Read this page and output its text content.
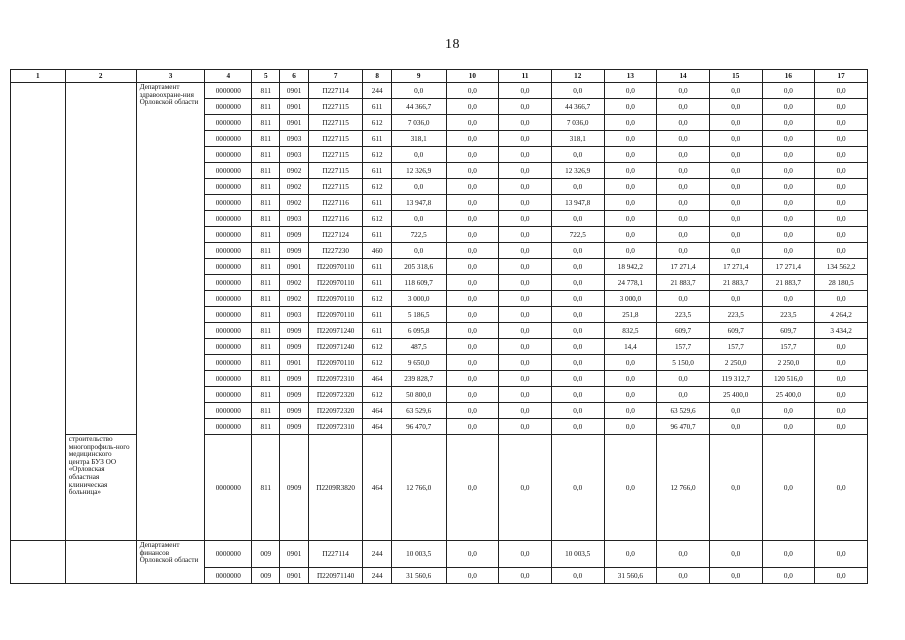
18
1	2	3	4	5	6	7	8	9	10	11	12	13	14	15	16	17
		Департамент здравоохране-ния Орловской области	0000000	811	0901	П227114	244	0,0	0,0	0,0	0,0	0,0	0,0	0,0	0,0	0,0
			0000000	811	0901	П227115	611	44 366,7	0,0	0,0	44 366,7	0,0	0,0	0,0	0,0	0,0
			0000000	811	0901	П227115	612	7 036,0	0,0	0,0	7 036,0	0,0	0,0	0,0	0,0	0,0
			0000000	811	0903	П227115	611	318,1	0,0	0,0	318,1	0,0	0,0	0,0	0,0	0,0
			0000000	811	0903	П227115	612	0,0	0,0	0,0	0,0	0,0	0,0	0,0	0,0	0,0
			0000000	811	0902	П227115	611	12 326,9	0,0	0,0	12 326,9	0,0	0,0	0,0	0,0	0,0
			0000000	811	0902	П227115	612	0,0	0,0	0,0	0,0	0,0	0,0	0,0	0,0	0,0
			0000000	811	0902	П227116	611	13 947,8	0,0	0,0	13 947,8	0,0	0,0	0,0	0,0	0,0
			0000000	811	0903	П227116	612	0,0	0,0	0,0	0,0	0,0	0,0	0,0	0,0	0,0
			0000000	811	0909	П227124	611	722,5	0,0	0,0	722,5	0,0	0,0	0,0	0,0	0,0
			0000000	811	0909	П227230	460	0,0	0,0	0,0	0,0	0,0	0,0	0,0	0,0	0,0
			0000000	811	0901	П220970110	611	205 318,6	0,0	0,0	0,0	18 942,2	17 271,4	17 271,4	17 271,4	134 562,2
			0000000	811	0902	П220970110	611	118 609,7	0,0	0,0	0,0	24 778,1	21 883,7	21 883,7	21 883,7	28 180,5
			0000000	811	0902	П220970110	612	3 000,0	0,0	0,0	0,0	3 000,0	0,0	0,0	0,0	0,0
			0000000	811	0903	П220970110	611	5 186,5	0,0	0,0	0,0	251,8	223,5	223,5	223,5	4 264,2
			0000000	811	0909	П220971240	611	6 095,8	0,0	0,0	0,0	832,5	609,7	609,7	609,7	3 434,2
			0000000	811	0909	П220971240	612	487,5	0,0	0,0	0,0	14,4	157,7	157,7	157,7	0,0
			0000000	811	0901	П220970110	612	9 650,0	0,0	0,0	0,0	0,0	5 150,0	2 250,0	2 250,0	0,0
			0000000	811	0909	П220972310	464	239 828,7	0,0	0,0	0,0	0,0	0,0	119 312,7	120 516,0	0,0
			0000000	811	0909	П220972320	612	50 800,0	0,0	0,0	0,0	0,0	0,0	25 400,0	25 400,0	0,0
			0000000	811	0909	П220972320	464	63 529,6	0,0	0,0	0,0	0,0	63 529,6	0,0	0,0	0,0
			0000000	811	0909	П220972310	464	96 470,7	0,0	0,0	0,0	0,0	96 470,7	0,0	0,0	0,0
	строительство многопрофиль-ного медицинского центра БУЗ ОО «Орловская областная клиническая больница»		0000000	811	0909	П2209R3820	464	12 766,0	0,0	0,0	0,0	0,0	12 766,0	0,0	0,0	0,0
		Департамент финансов Орловской области	0000000	009	0901	П227114	244	10 003,5	0,0	0,0	10 003,5	0,0	0,0	0,0	0,0	0,0
			0000000	009	0901	П220971140	244	31 560,6	0,0	0,0	0,0	31 560,6	0,0	0,0	0,0	0,0
